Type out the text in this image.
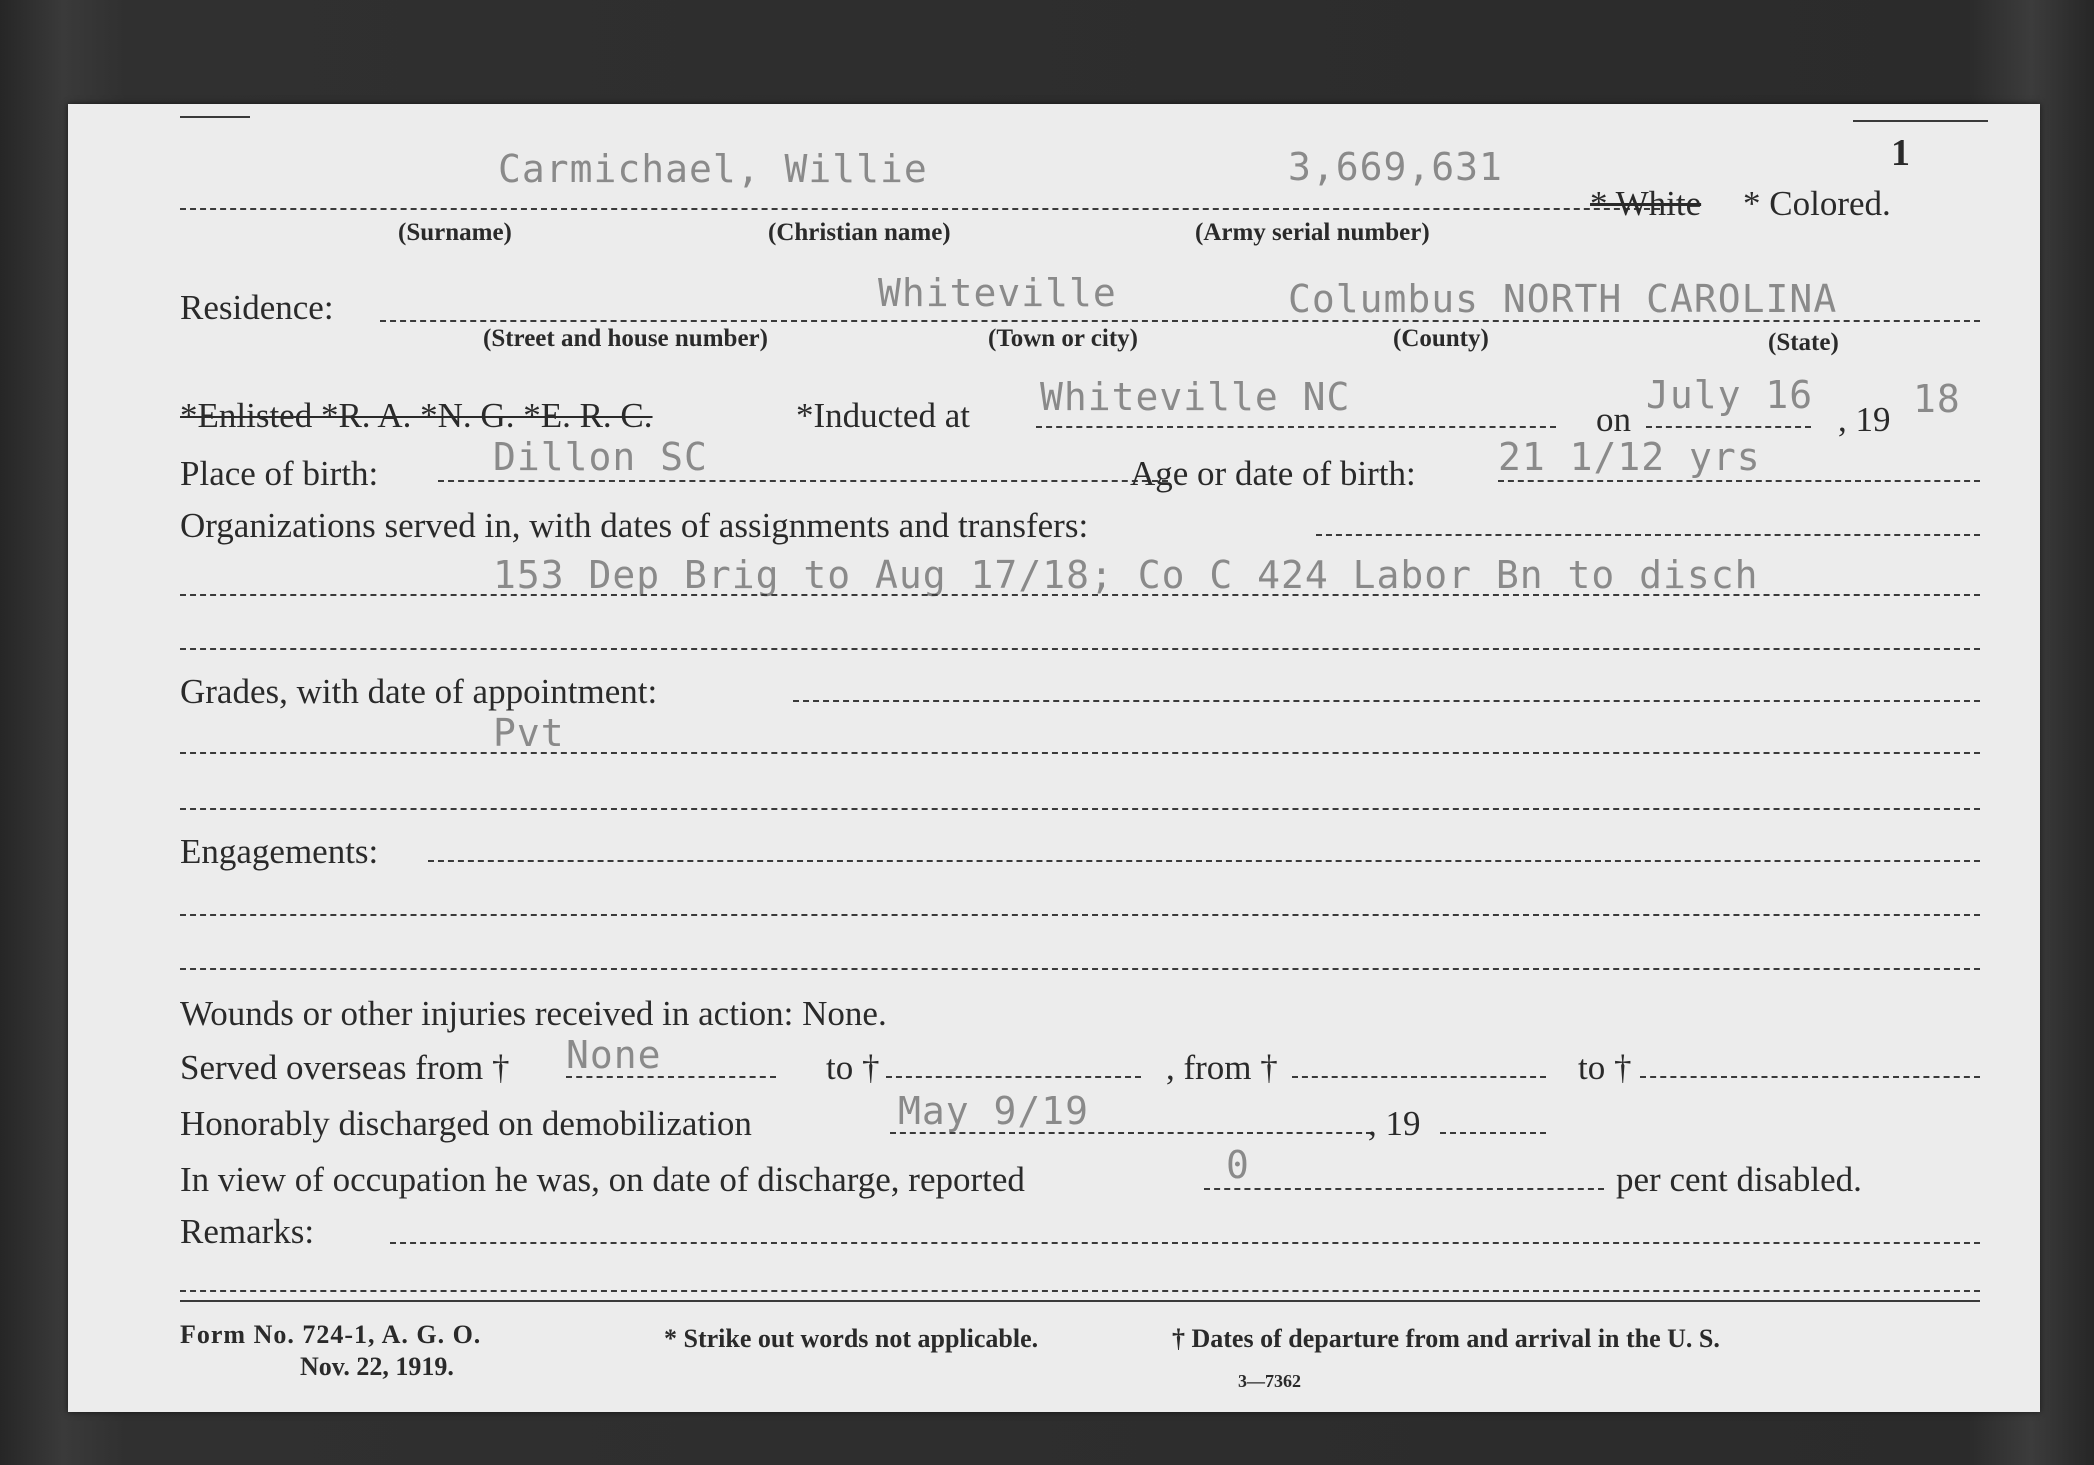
1
Carmichael, Willie	3,669,631
* White * Colored.
(Surname)	(Christian name)	(Army serial number)
Residence:	Whiteville	Columbus NORTH CAROLINA
(Street and house number)	(Town or city)	(County)	(State)
*Enlisted *R. A. *N. G. *E. R. C.	*Inducted at Whiteville NC
on
July 16
, 19 18
Place of birth:	Dillon SC	Age or date of birth: 21 1/12 yrs
Organizations served in, with dates of assignments and transfers:
153 Dep Brig to Aug 17/18; Co C 424 Labor Bn to disch
Grades, with date of appointment:
Pvt
Engagements:
Wounds or other injuries received in action: None.
Served overseas from † None	to †	, from †	to †
Honorably discharged on demobilization	May 9/19	, 19
In view of occupation he was, on date of discharge, reported	0	per cent disabled.
Remarks:
Form No. 724-1, A. G. O.
Nov. 22, 1919.
* Strike out words not applicable.	† Dates of departure from and arrival in the U. S.
3—7362
